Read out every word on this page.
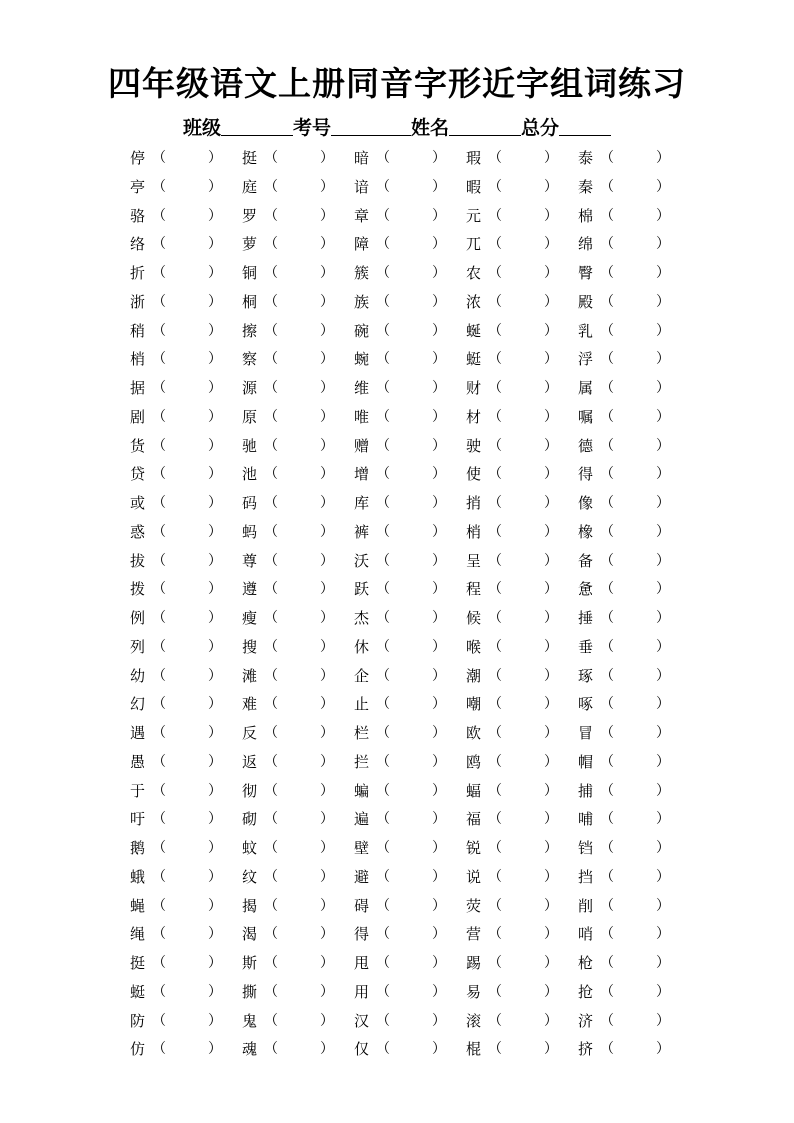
四年级语文上册同音字形近字组词练习
班级	考号	姓名	总分
停 （	） 挺 （	） 暗 （	） 瑕 （	） 泰 （	）
亭 （	） 庭 （	） 谙 （	） 暇 （	） 秦 （	）
骆 （	） 罗 （	） 章 （	） 元 （	） 棉 （	）
络 （	） 萝 （	） 障 （	） 兀 （	） 绵 （	）
折 （	） 铜 （	） 簇 （	） 农 （	） 臀 （	）
浙 （	） 桐 （	） 族 （	） 浓 （	） 殿 （	）
稍 （	） 擦 （	） 碗 （	） 蜒 （	） 乳 （	）
梢 （	） 察 （	） 蜿 （	） 蜓 （	） 浮 （	）
据 （	） 源 （	） 维 （	） 财 （	） 属 （	）
剧 （	） 原 （	） 唯 （	） 材 （	） 嘱 （	）
货 （	） 驰 （	） 赠 （	） 驶 （	） 德 （	）
贷 （	） 池 （	） 增 （	） 使 （	） 得 （	）
或 （	） 码 （	） 库 （	） 捎 （	） 像 （	）
惑 （	） 蚂 （	） 裤 （	） 梢 （	） 橡 （	）
拔 （	） 尊 （	） 沃 （	） 呈 （	） 备 （	）
拨 （	） 遵 （	） 跃 （	） 程 （	） 惫 （	）
例 （	） 瘦 （	） 杰 （	） 候 （	） 捶 （	）
列 （	） 搜 （	） 休 （	） 喉 （	） 垂 （	）
幼 （	） 滩 （	） 企 （	） 潮 （	） 琢 （	）
幻 （	） 难 （	） 止 （	） 嘲 （	） 啄 （	）
遇 （	） 反 （	） 栏 （	） 欧 （	） 冒 （	）
愚 （	） 返 （	） 拦 （	） 鸥 （	） 帽 （	）
于 （	） 彻 （	） 蝙 （	） 蝠 （	） 捕 （	）
吁 （	） 砌 （	） 遍 （	） 福 （	） 哺 （	）
鹅 （	） 蚊 （	） 壁 （	） 锐 （	） 铛 （	）
蛾 （	） 纹 （	） 避 （	） 说 （	） 挡 （	）
蝇 （	） 揭 （	） 碍 （	） 荧 （	） 削 （	）
绳 （	） 渴 （	） 得 （	） 营 （	） 哨 （	）
挺 （	） 斯 （	） 甩 （	） 踢 （	） 枪 （	）
蜓 （	） 撕 （	） 用 （	） 易 （	） 抢 （	）
防 （	） 鬼 （	） 汉 （	） 滚 （	） 济 （	）
仿 （	） 魂 （	） 仅 （	） 棍 （	） 挤 （	）
